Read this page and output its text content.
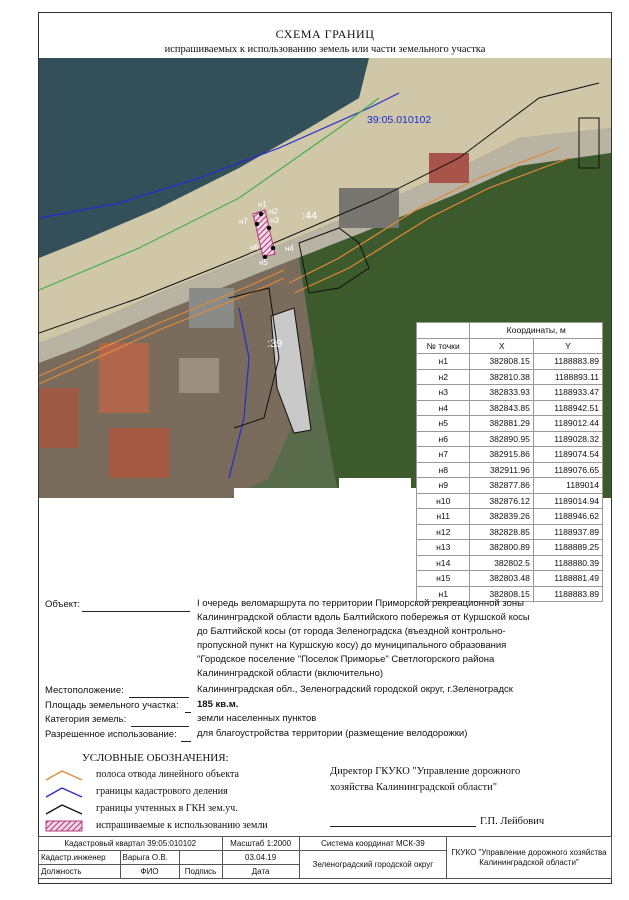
СХЕМА ГРАНИЦ
испрашиваемых к использованию земель или части земельного участка
39:05.010102
:44
:39
н1
н2
н3
н4
н5
н6
н7
	Координаты, м	
№ точки	X	Y
н1	382808.15	1188883.89
н2	382810.38	1188893.11
н3	382833.93	1188933.47
н4	382843.85	1188942.51
н5	382881.29	1189012.44
н6	382890.95	1189028.32
н7	382915.86	1189074.54
н8	382911.96	1189076.65
н9	382877.86	1189014
н10	382876.12	1189014.94
н11	382839.26	1188946.62
н12	382828.85	1188937.89
н13	382800.89	1188889.25
н14	382802.5	1188880.39
н15	382803.48	1188881.49
н1	382808.15	1188883.89
Объект:	I очередь веломаршрута по территории Приморской рекреационной зоны
Калининградской области вдоль Балтийского побережья от Куршской косы
до Балтийской косы (от города Зеленоградска (въездной контрольно-
пропускной пункт на Куршскую косу) до муниципального образования
"Городское поселение "Поселок Приморье" Светлогорского района
Калининградской области (включительно)
Местоположение:	Калининградская обл., Зеленоградский городской округ, г.Зеленоградск
Площадь земельного участка: 185 кв.м.
Категория земель:	земли населенных пунктов
Разрешенное использование: для благоустройства территории (размещение велодорожки)
УСЛОВНЫЕ ОБОЗНАЧЕНИЯ:
полоса отвода линейного объекта
границы кадастрового деления
границы учтенных в ГКН зем.уч.
испрашиваемые к использованию земли
Директор ГКУКО "Управление дорожного
хозяйства Калининградской области"
Г.П. Лейбович
Кадастровый квартал 39:05:010102			Масштаб 1:2000	Система координат МСК-39	ГКУКО "Управление дорожного хозяйства Калининградской области"
Кадастр.инженер	Варыга О.В.		03.04.19	Зеленоградский городской округ	
Должность	ФИО	Подпись	Дата		
